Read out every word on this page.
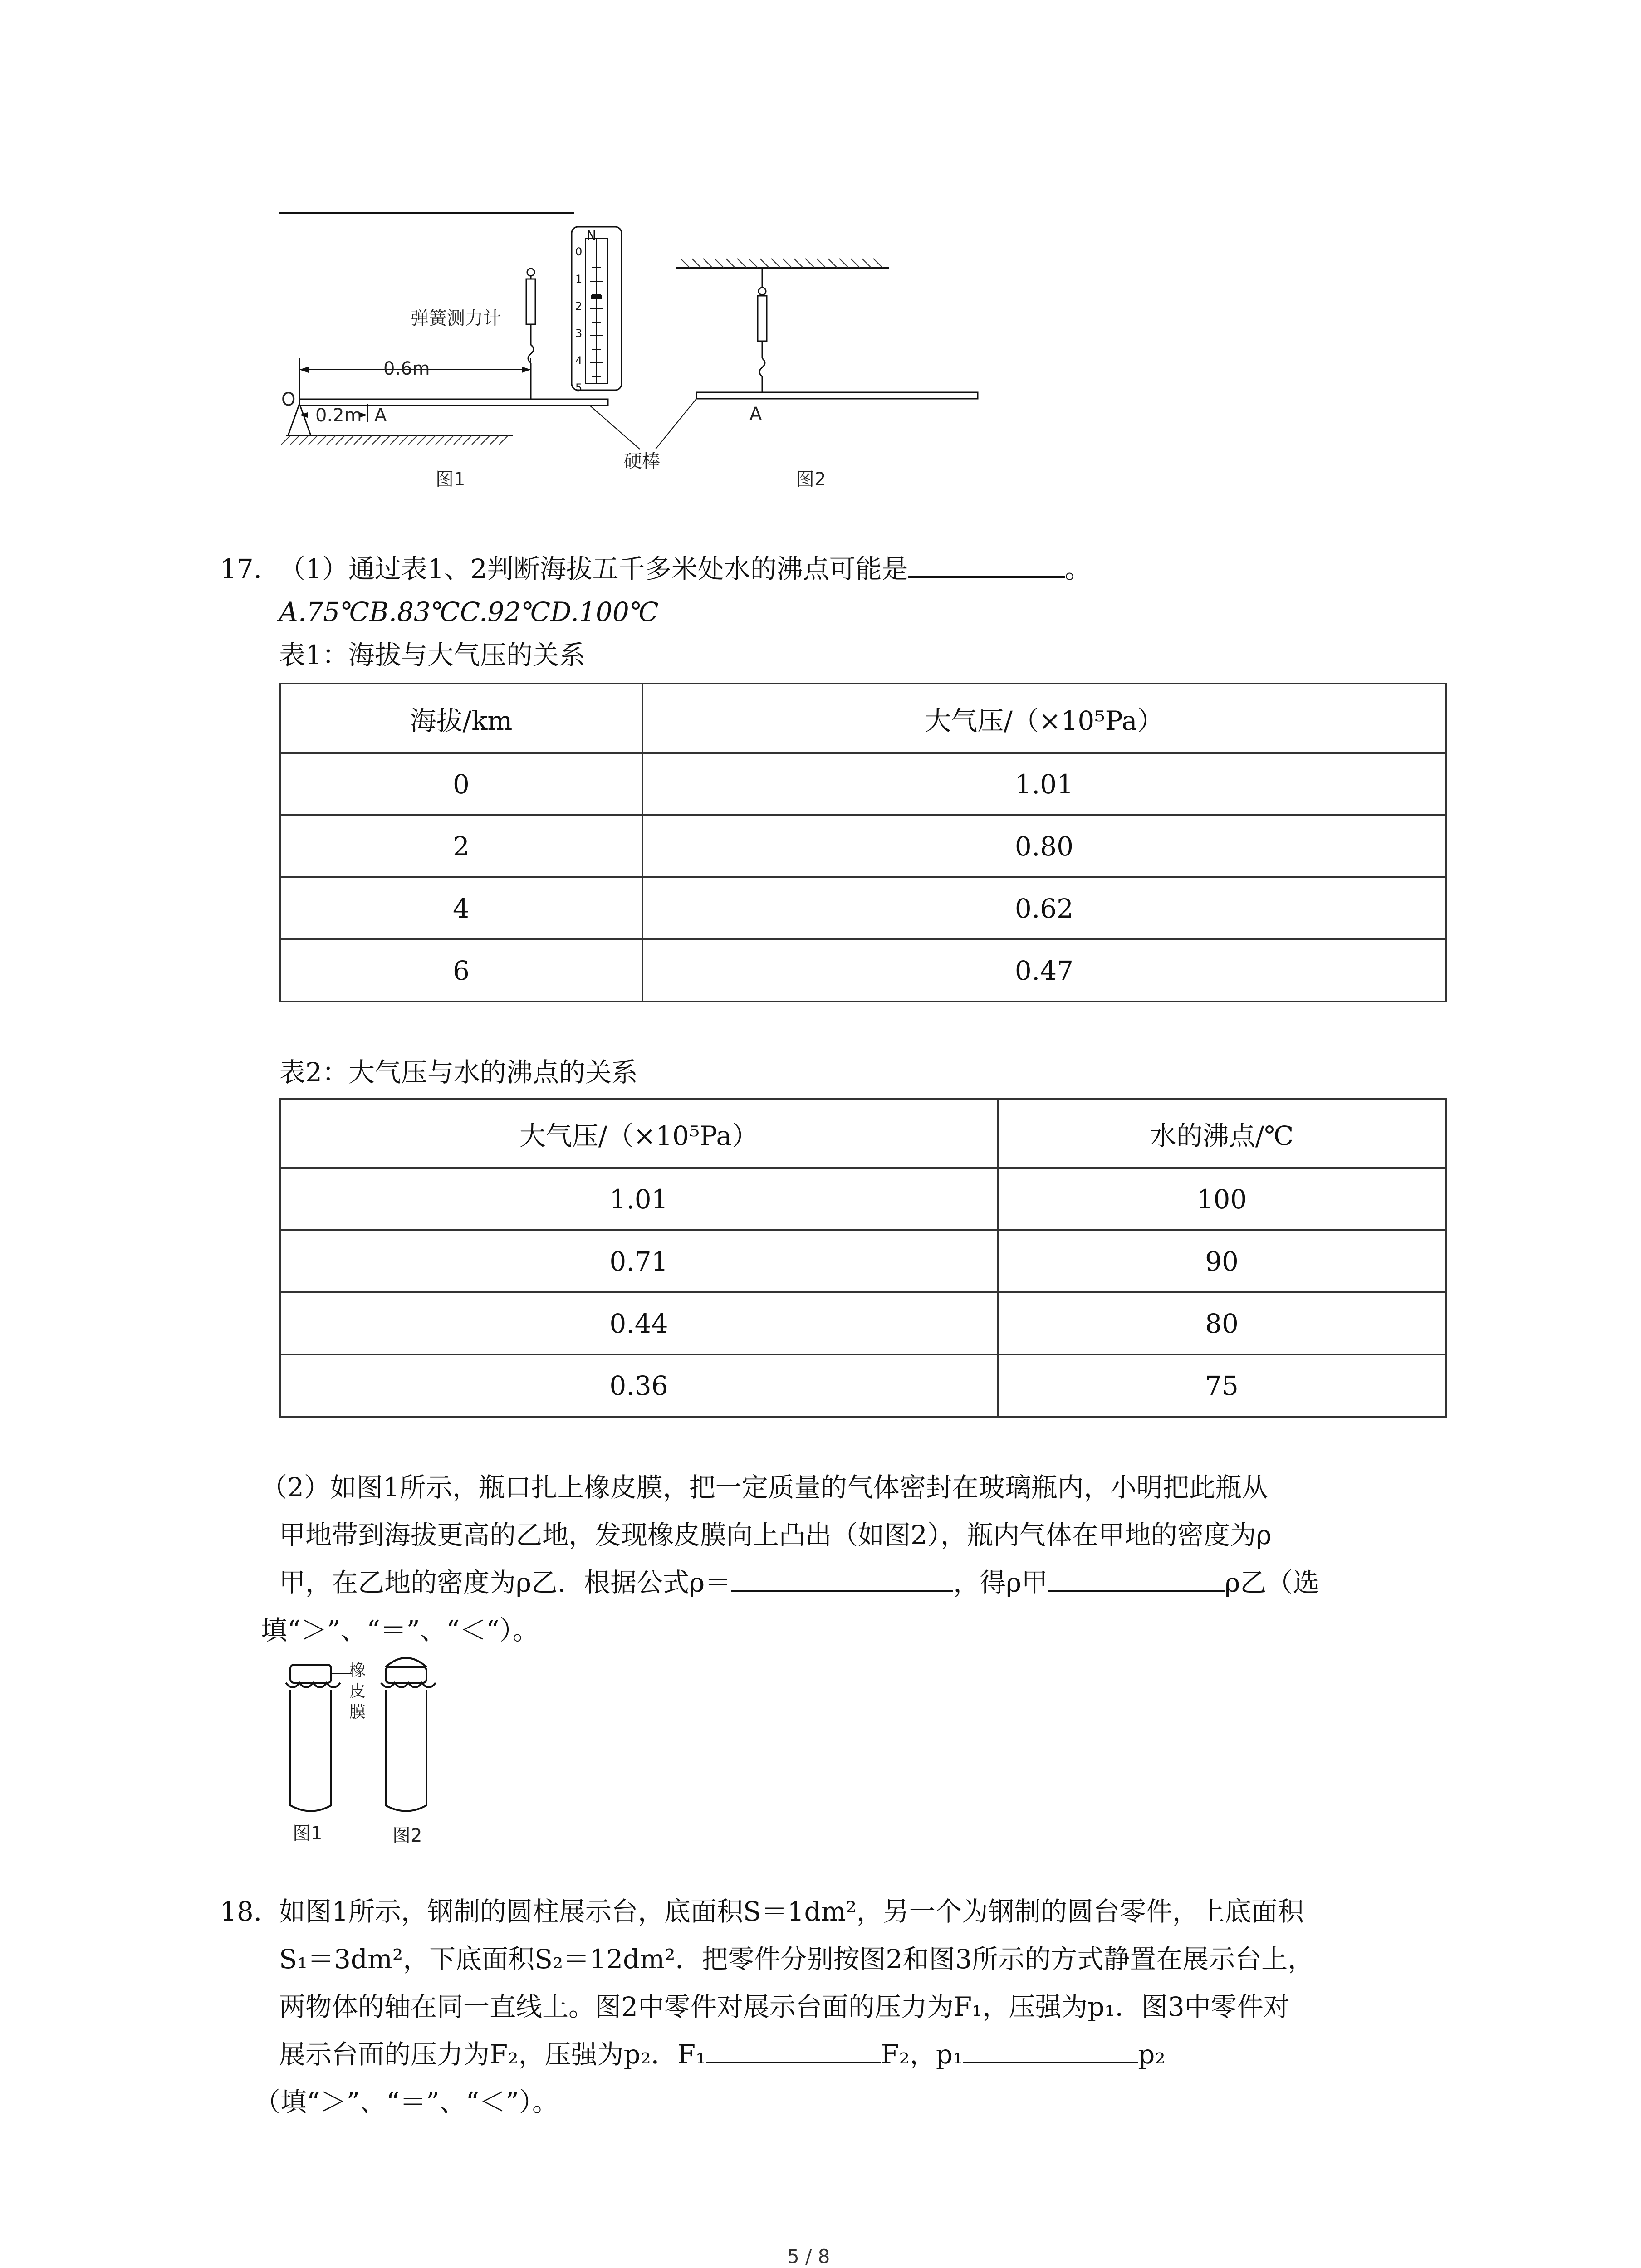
弹簧测力计
0.6m
0.2m
O
A	A
硬棒
图1	图2
N
0
1
2
3
4
5
17. （1）通过表1、2判断海拔五千多米处水的沸点可能是	。
A.75℃B.83℃C.92℃D.100℃
表1：海拔与大气压的关系
海拔/km	大气压/（×10⁵Pa）
0	1.01
2	0.80
4	0.62
6	0.47
表2：大气压与水的沸点的关系
大气压/（×10⁵Pa）	水的沸点/℃
1.01	100
0.71	90
0.44	80
0.36	75
（2）如图1所示，瓶口扎上橡皮膜，把一定质量的气体密封在玻璃瓶内，小明把此瓶从
甲地带到海拔更高的乙地，发现橡皮膜向上凸出（如图2），瓶内气体在甲地的密度为ρ
甲，在乙地的密度为ρ乙．根据公式ρ＝	，得ρ甲	ρ乙（选
填“＞”、“＝”、“＜“）。
橡皮膜
图1	图2
18. 如图1所示，钢制的圆柱展示台，底面积S＝1dm²，另一个为钢制的圆台零件，上底面积
S₁＝3dm²，下底面积S₂＝12dm²．把零件分别按图2和图3所示的方式静置在展示台上，
两物体的轴在同一直线上。图2中零件对展示台面的压力为F₁，压强为p₁．图3中零件对
展示台面的压力为F₂，压强为p₂．F₁	F₂，p₁	p₂
（填“＞”、“＝”、“＜”）。
5 / 8
